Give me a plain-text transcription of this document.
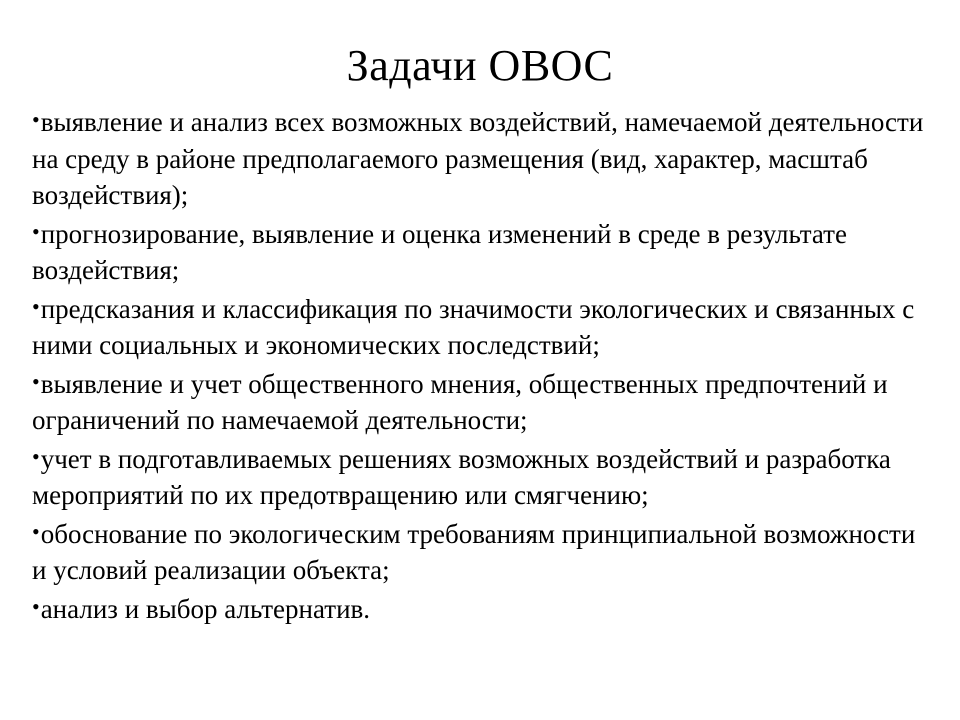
Задачи ОВОС
•выявление и анализ всех возможных воздействий, намечаемой деятельности на среду в районе предполагаемого размещения (вид, характер, масштаб воздействия);
•прогнозирование, выявление и оценка изменений в среде в результате воздействия;
•предсказания и классификация по значимости экологических и связанных с ними социальных и экономических последствий;
•выявление и учет общественного мнения, общественных предпочтений и ограничений по намечаемой деятельности;
•учет в подготавливаемых решениях возможных воздействий и разработка мероприятий по их предотвращению или смягчению;
•обоснование по экологическим требованиям принципиальной возможности и условий реализации объекта;
•анализ и выбор альтернатив.
